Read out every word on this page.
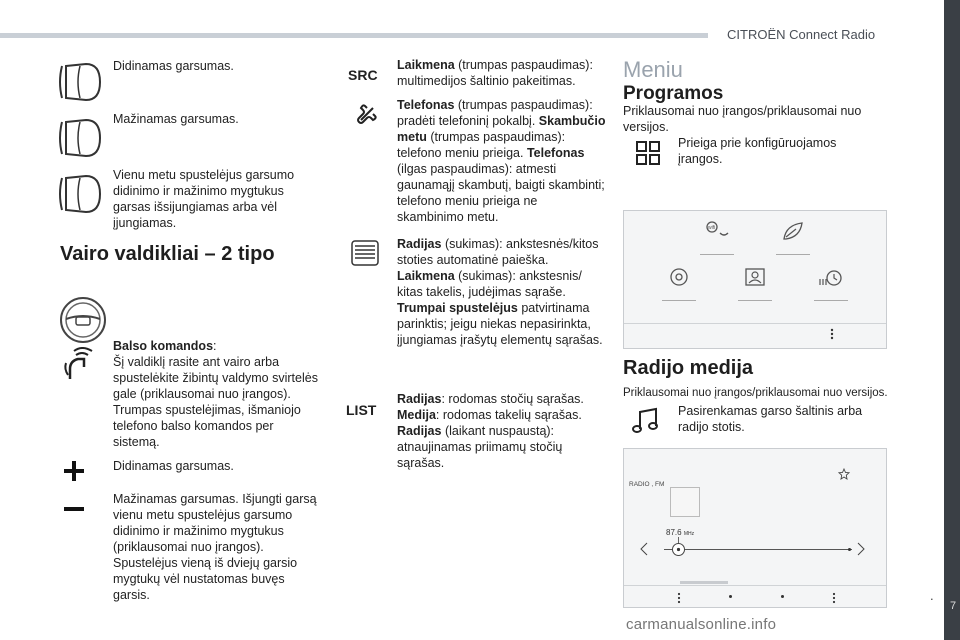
CITROËN Connect Radio
.
7
carmanualsonline.info
Didinamas garsumas.
Mažinamas garsumas.
Vienu metu spustelėjus garsumo didinimo ir mažinimo mygtukus garsas išsijungiamas arba vėl įjungiamas.
Vairo valdikliai – 2 tipo
Balso komandos:
Šį valdiklį rasite ant vairo arba spustelėkite žibintų valdymo svirtelės gale (priklausomai nuo įrangos). Trumpas spustelėjimas, išmaniojo telefono balso komandos per sistemą.
Didinamas garsumas.
Mažinamas garsumas. Išjungti garsą vienu metu spustelėjus garsumo didinimo ir mažinimo mygtukus (priklausomai nuo įrangos). Spustelėjus vieną iš dviejų garsio mygtukų vėl nustatomas buvęs garsis.
SRC
Laikmena (trumpas paspaudimas): multimedijos šaltinio pakeitimas.
Telefonas (trumpas paspaudimas): pradėti telefoninį pokalbį. Skambučio metu (trumpas paspaudimas): telefono meniu prieiga. Telefonas (ilgas paspaudimas): atmesti gaunamąjį skambutį, baigti skambinti; telefono meniu prieiga ne skambinimo metu.
Radijas (sukimas): ankstesnės/kitos stoties automatinė paieška. Laikmena (sukimas): ankstesnis/ kitas takelis, judėjimas sąraše. Trumpai spustelėjus patvirtinama parinktis; jeigu niekas nepasirinkta, įjungiamas įrašytų elementų sąrašas.
LIST
Radijas: rodomas stočių sąrašas. Medija: rodomas takelių sąrašas. Radijas (laikant nuspaustą): atnaujinamas priimamų stočių sąrašas.
Meniu
Programos
Priklausomai nuo įrangos/priklausomai nuo versijos.
Prieiga prie konfigūruojamos įrangos.
wifi
Radijo medija
Priklausomai nuo įrangos/priklausomai nuo versijos.
Pasirenkamas garso šaltinis arba radijo stotis.
RADIO , FM
87.6 MHz
